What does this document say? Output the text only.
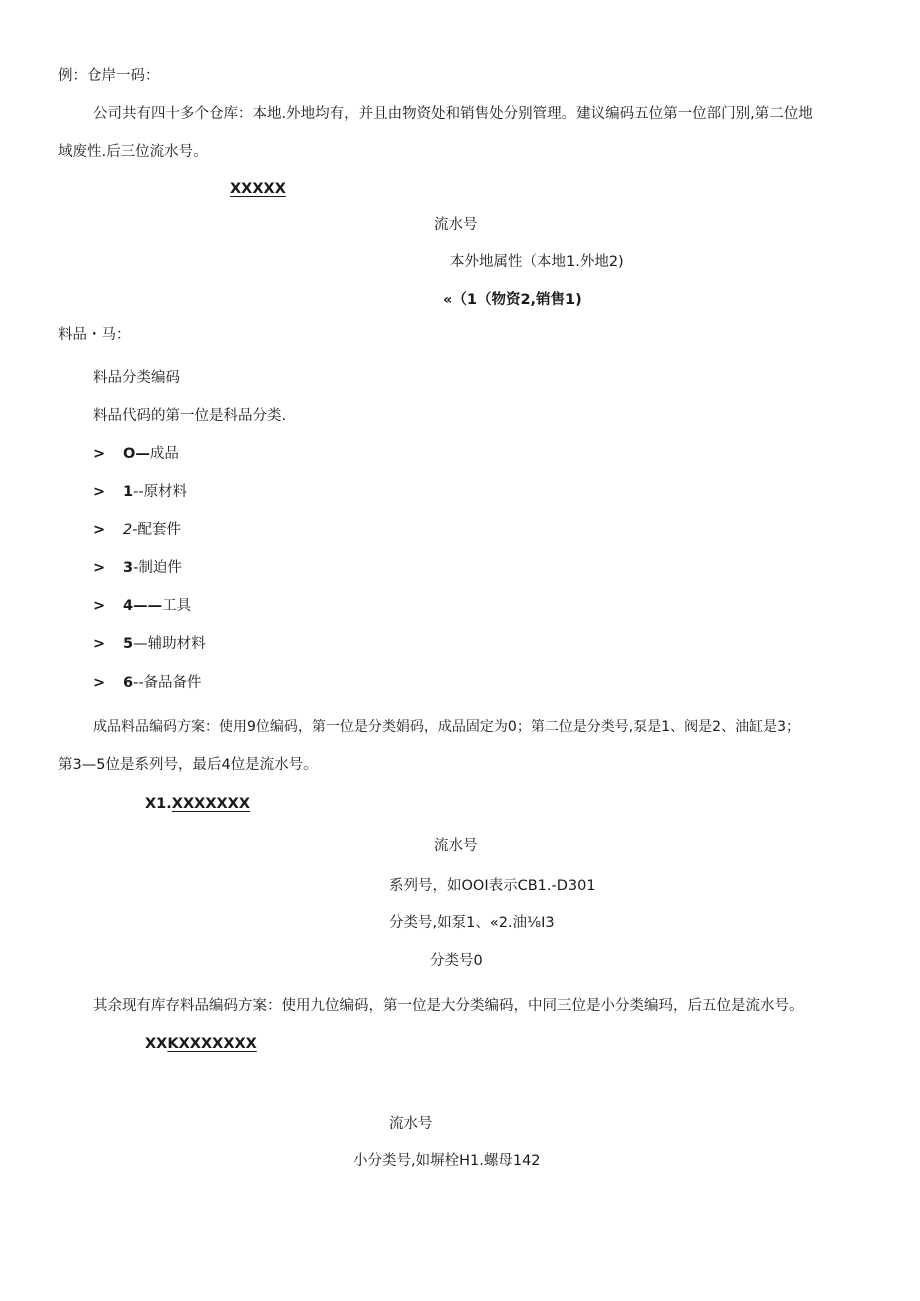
例：仓岸一码：
公司共有四十多个仓库：本地.外地均有，并且由物资处和销售处分别管理。建议编码五位第一位部门别,第二位地
域废性.后三位流水号。
XXXXX
流水号
本外地属性（本地1.外地2)
«（1（物资2,销售1)
料品・马：
料品分类编码
料品代码的第一位是科品分类.
> O—成品
> 1--原材料
> 2-配套件
> 3-制迫件
> 4——工具
> 5—辅助材料
> 6--备品备件
成品料品编码方案：使用9位编码，第一位是分类娟码，成品固定为0；第二位是分类号,泵是1、阀是2、油缸是3；
第3—5位是系列号，最后4位是流水号。
X1.XXXXXXX
流水号
系列号，如OOI表示CB1.-D301
分类号,如泵1、«2.油⅛I3
分类号0
其余现有库存料品编码方案：使用九位编码，第一位是大分类编码，中同三位是小分类编玛，后五位是流水号。
XXKXXXXXXX
流水号
小分类号,如塀栓H1.螺母142
